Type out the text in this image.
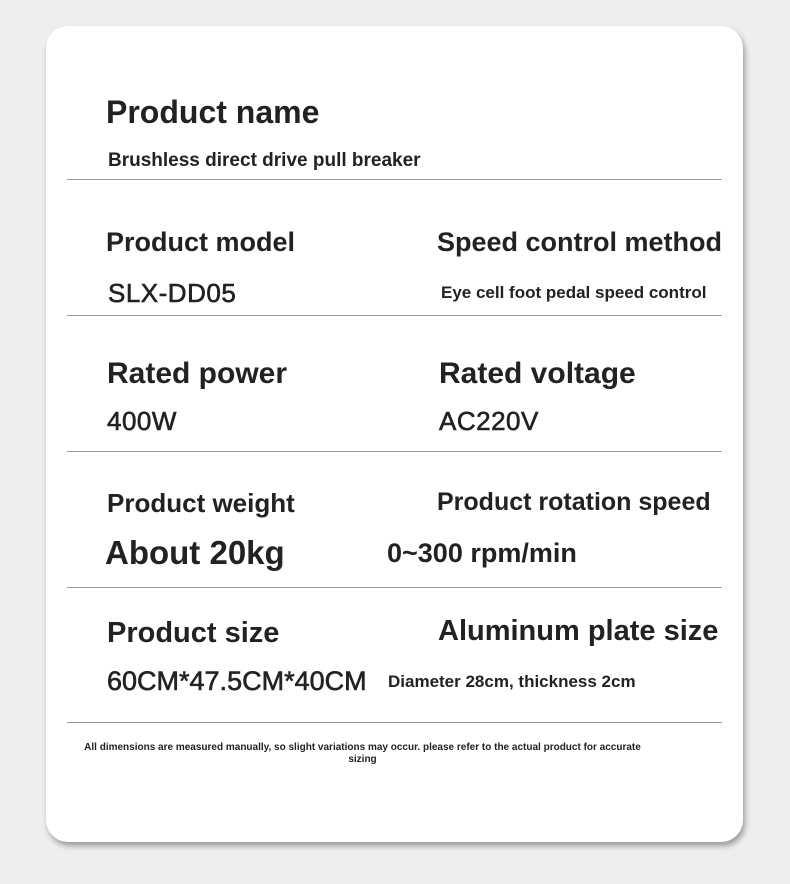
Product name
Brushless direct drive pull breaker
Product model
SLX-DD05
Speed control method
Eye cell foot pedal speed control
Rated power
400W
Rated voltage
AC220V
Product weight
About 20kg
Product rotation speed
0~300 rpm/min
Product size
60CM*47.5CM*40CM
Aluminum plate size
Diameter 28cm, thickness 2cm
All dimensions are measured manually, so slight variations may occur. please refer to the actual product for accurate sizing
